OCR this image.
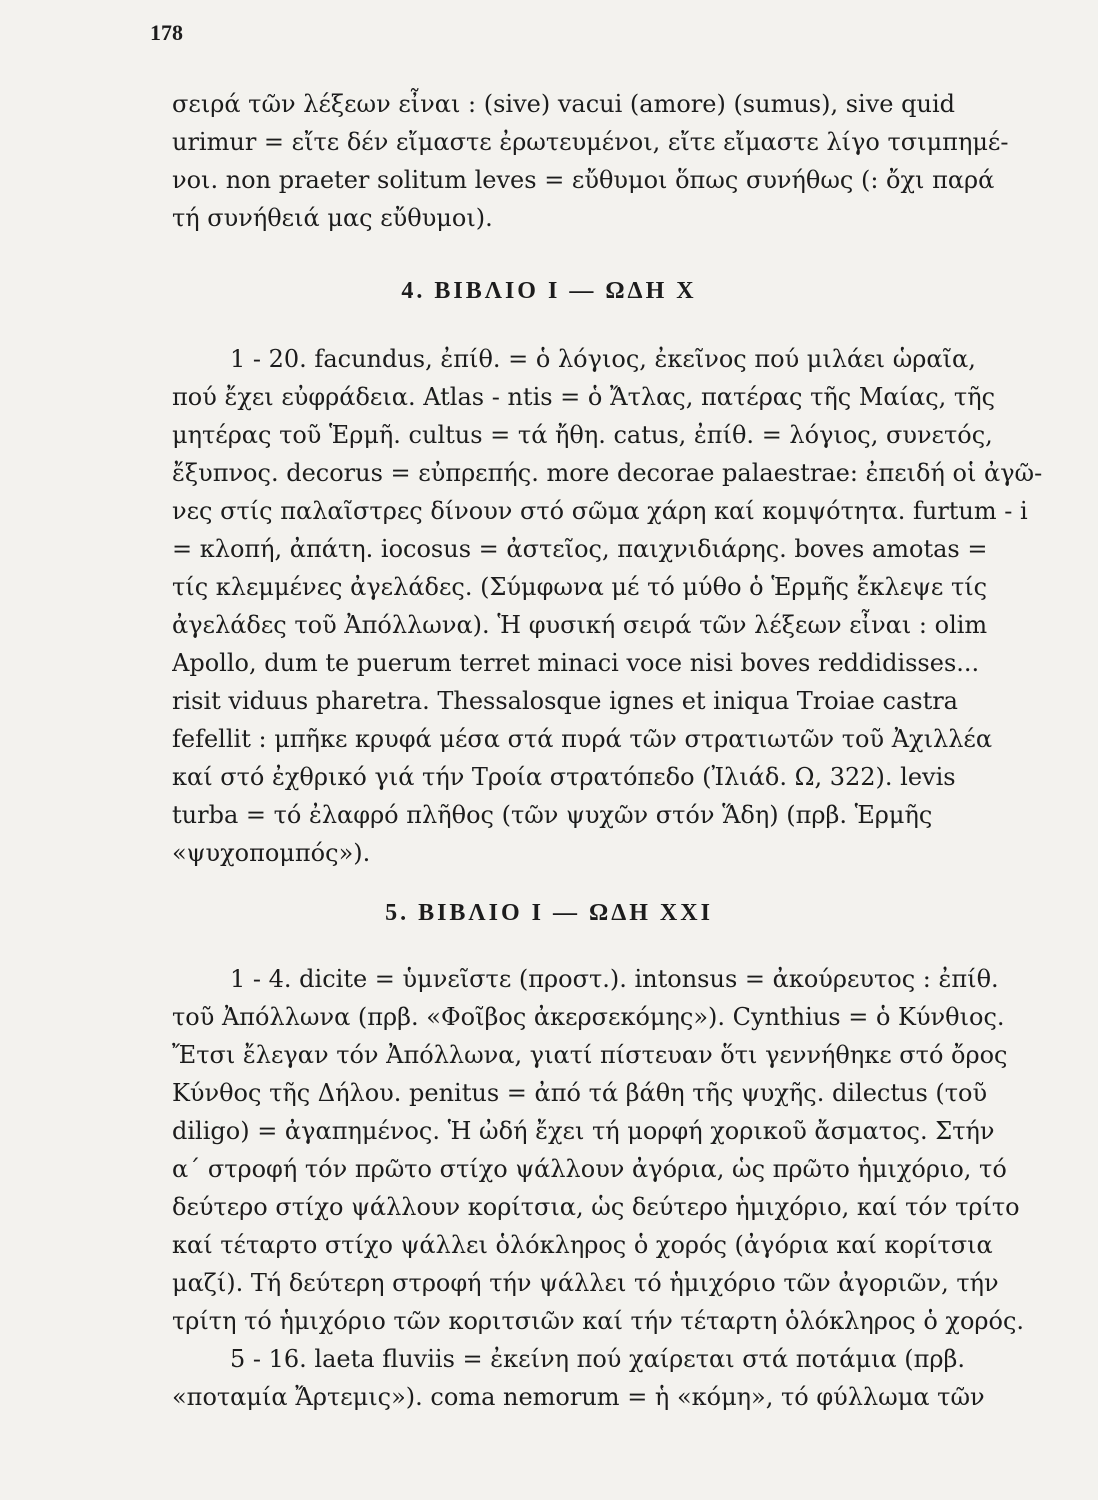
178
σειρά τῶν λέξεων εἶναι : (sive) vacui (amore) (sumus), sive quid
urimur = εἴτε δέν εἴμαστε ἐρωτευμένοι, εἴτε εἴμαστε λίγο τσιμπημέ-
νοι. non praeter solitum leves = εὔθυμοι ὅπως συνήθως (: ὄχι παρά
τή συνήθειά μας εὔθυμοι).
4. ΒΙΒΛΙΟ Ι — ΩΔΗ Χ
1 - 20. facundus, ἐπίθ. = ὁ λόγιος, ἐκεῖνος πού μιλάει ὡραῖα,
πού ἔχει εὐφράδεια. Atlas - ntis = ὁ Ἄτλας, πατέρας τῆς Μαίας, τῆς
μητέρας τοῦ Ἑρμῆ. cultus = τά ἤθη. catus, ἐπίθ. = λόγιος, συνετός,
ἔξυπνος. decorus = εὐπρεπής. more decorae palaestrae: ἐπειδή οἱ ἀγῶ-
νες στίς παλαῖστρες δίνουν στό σῶμα χάρη καί κομψότητα. furtum - i
= κλοπή, ἀπάτη. iocosus = ἀστεῖος, παιχνιδιάρης. boves amotas =
τίς κλεμμένες ἀγελάδες. (Σύμφωνα μέ τό μύθο ὁ Ἑρμῆς ἔκλεψε τίς
ἀγελάδες τοῦ Ἀπόλλωνα). Ἡ φυσική σειρά τῶν λέξεων εἶναι : olim
Apollo, dum te puerum terret minaci voce nisi boves reddidisses...
risit viduus pharetra. Thessalosque ignes et iniqua Troiae castra
fefellit : μπῆκε κρυφά μέσα στά πυρά τῶν στρατιωτῶν τοῦ Ἀχιλλέα
καί στό ἐχθρικό γιά τήν Τροία στρατόπεδο (Ἰλιάδ. Ω, 322). levis
turba = τό ἐλαφρό πλῆθος (τῶν ψυχῶν στόν Ἅδη) (πρβ. Ἑρμῆς
«ψυχοπομπός»).
5. ΒΙΒΛΙΟ Ι — ΩΔΗ ΧΧΙ
1 - 4. dicite = ὑμνεῖστε (προστ.). intonsus = ἀκούρευτος : ἐπίθ.
τοῦ Ἀπόλλωνα (πρβ. «Φοῖβος ἀκερσεκόμης»). Cynthius = ὁ Κύνθιος.
Ἔτσι ἔλεγαν τόν Ἀπόλλωνα, γιατί πίστευαν ὅτι γεννήθηκε στό ὄρος
Κύνθος τῆς Δήλου. penitus = ἀπό τά βάθη τῆς ψυχῆς. dilectus (τοῦ
diligo) = ἀγαπημένος. Ἡ ὠδή ἔχει τή μορφή χορικοῦ ἄσματος. Στήν
α΄ στροφή τόν πρῶτο στίχο ψάλλουν ἀγόρια, ὡς πρῶτο ἡμιχόριο, τό
δεύτερο στίχο ψάλλουν κορίτσια, ὡς δεύτερο ἡμιχόριο, καί τόν τρίτο
καί τέταρτο στίχο ψάλλει ὁλόκληρος ὁ χορός (ἀγόρια καί κορίτσια
μαζί). Τή δεύτερη στροφή τήν ψάλλει τό ἡμιχόριο τῶν ἀγοριῶν, τήν
τρίτη τό ἡμιχόριο τῶν κοριτσιῶν καί τήν τέταρτη ὁλόκληρος ὁ χορός.
5 - 16. laeta fluviis = ἐκείνη πού χαίρεται στά ποτάμια (πρβ.
«ποταμία Ἄρτεμις»). coma nemorum = ἡ «κόμη», τό φύλλωμα τῶν
